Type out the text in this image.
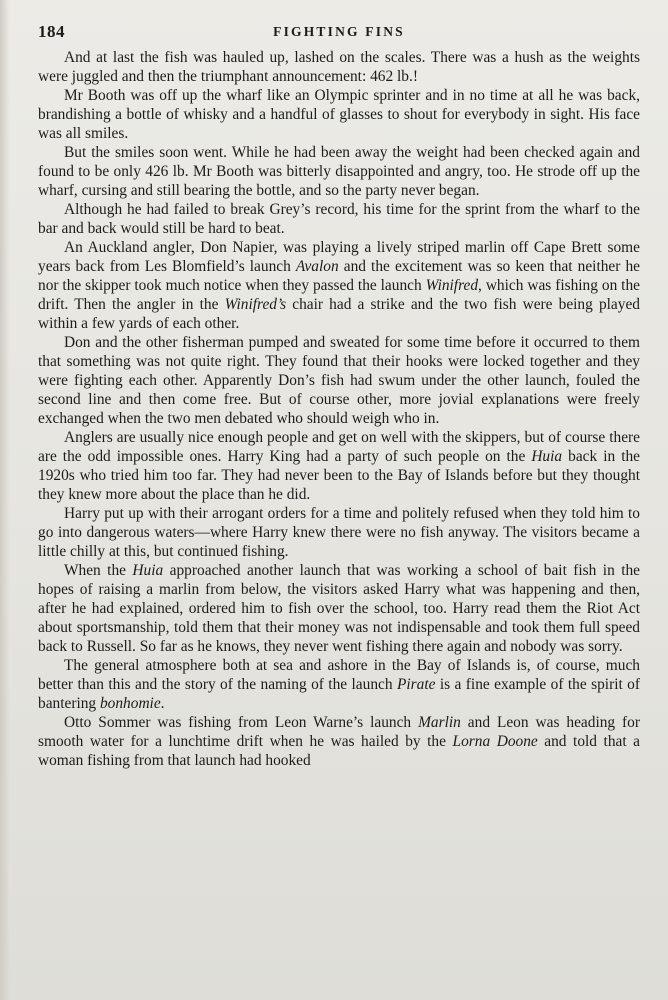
184	FIGHTING FINS

And at last the fish was hauled up, lashed on the scales. There was a hush as the weights were juggled and then the triumphant announcement: 462 lb.!

Mr Booth was off up the wharf like an Olympic sprinter and in no time at all he was back, brandishing a bottle of whisky and a handful of glasses to shout for everybody in sight. His face was all smiles.

But the smiles soon went. While he had been away the weight had been checked again and found to be only 426 lb. Mr Booth was bitterly disappointed and angry, too. He strode off up the wharf, cursing and still bearing the bottle, and so the party never began.

Although he had failed to break Grey’s record, his time for the sprint from the wharf to the bar and back would still be hard to beat.

An Auckland angler, Don Napier, was playing a lively striped marlin off Cape Brett some years back from Les Blomfield’s launch Avalon and the excitement was so keen that neither he nor the skipper took much notice when they passed the launch Winifred, which was fishing on the drift. Then the angler in the Winifred’s chair had a strike and the two fish were being played within a few yards of each other.

Don and the other fisherman pumped and sweated for some time before it occurred to them that something was not quite right. They found that their hooks were locked together and they were fighting each other. Apparently Don’s fish had swum under the other launch, fouled the second line and then come free. But of course other, more jovial explanations were freely exchanged when the two men debated who should weigh who in.

Anglers are usually nice enough people and get on well with the skippers, but of course there are the odd impossible ones. Harry King had a party of such people on the Huia back in the 1920s who tried him too far. They had never been to the Bay of Islands before but they thought they knew more about the place than he did.

Harry put up with their arrogant orders for a time and politely refused when they told him to go into dangerous waters—where Harry knew there were no fish anyway. The visitors became a little chilly at this, but continued fishing.

When the Huia approached another launch that was working a school of bait fish in the hopes of raising a marlin from below, the visitors asked Harry what was happening and then, after he had explained, ordered him to fish over the school, too. Harry read them the Riot Act about sportsmanship, told them that their money was not indispensable and took them full speed back to Russell. So far as he knows, they never went fishing there again and nobody was sorry.

The general atmosphere both at sea and ashore in the Bay of Islands is, of course, much better than this and the story of the naming of the launch Pirate is a fine example of the spirit of bantering bonhomie.

Otto Sommer was fishing from Leon Warne’s launch Marlin and Leon was heading for smooth water for a lunchtime drift when he was hailed by the Lorna Doone and told that a woman fishing from that launch had hooked
